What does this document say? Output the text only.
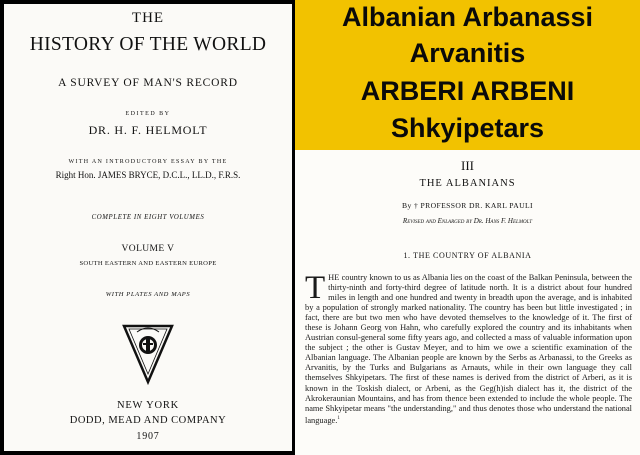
THE
HISTORY OF THE WORLD
A SURVEY OF MAN'S RECORD
EDITED BY
DR. H. F. HELMOLT
WITH AN INTRODUCTORY ESSAY BY THE
Right Hon. JAMES BRYCE, D.C.L., LL.D., F.R.S.
COMPLETE IN EIGHT VOLUMES
VOLUME V
SOUTH EASTERN AND EASTERN EUROPE
WITH PLATES AND MAPS
NEW YORK
DODD, MEAD AND COMPANY
1907
Albanian Arbanassi
Arvanitis
ARBERI ARBENI
Shkyipetars
III
THE ALBANIANS
By † PROFESSOR DR. KARL PAULI
Revised and Enlarged by Dr. Hans F. Helmolt
1. THE COUNTRY OF ALBANIA
THE country known to us as Albania lies on the coast of the Balkan Peninsula, between the thirty-ninth and forty-third degree of latitude north. It is a district about four hundred miles in length and one hundred and twenty in breadth upon the average, and is inhabited by a population of strongly marked nationality. The country has been but little investigated ; in fact, there are but two men who have devoted themselves to the knowledge of it. The first of these is Johann Georg von Hahn, who carefully explored the country and its inhabitants when Austrian consul-general some fifty years ago, and collected a mass of valuable information upon the subject ; the other is Gustav Meyer, and to him we owe a scientific examination of the Albanian language. The Albanian people are known by the Serbs as Arbanassi, to the Greeks as Arvanitis, by the Turks and Bulgarians as Arnauts, while in their own language they call themselves Shkyipetars. The first of these names is derived from the district of Arberi, as it is known in the Toskish dialect, or Arbeni, as the Geg(h)ish dialect has it, the district of the Akrokeraunian Mountains, and has from thence been extended to include the whole people. The name Shkyipetar means "the understanding," and thus denotes those who understand the national language.$^1$
